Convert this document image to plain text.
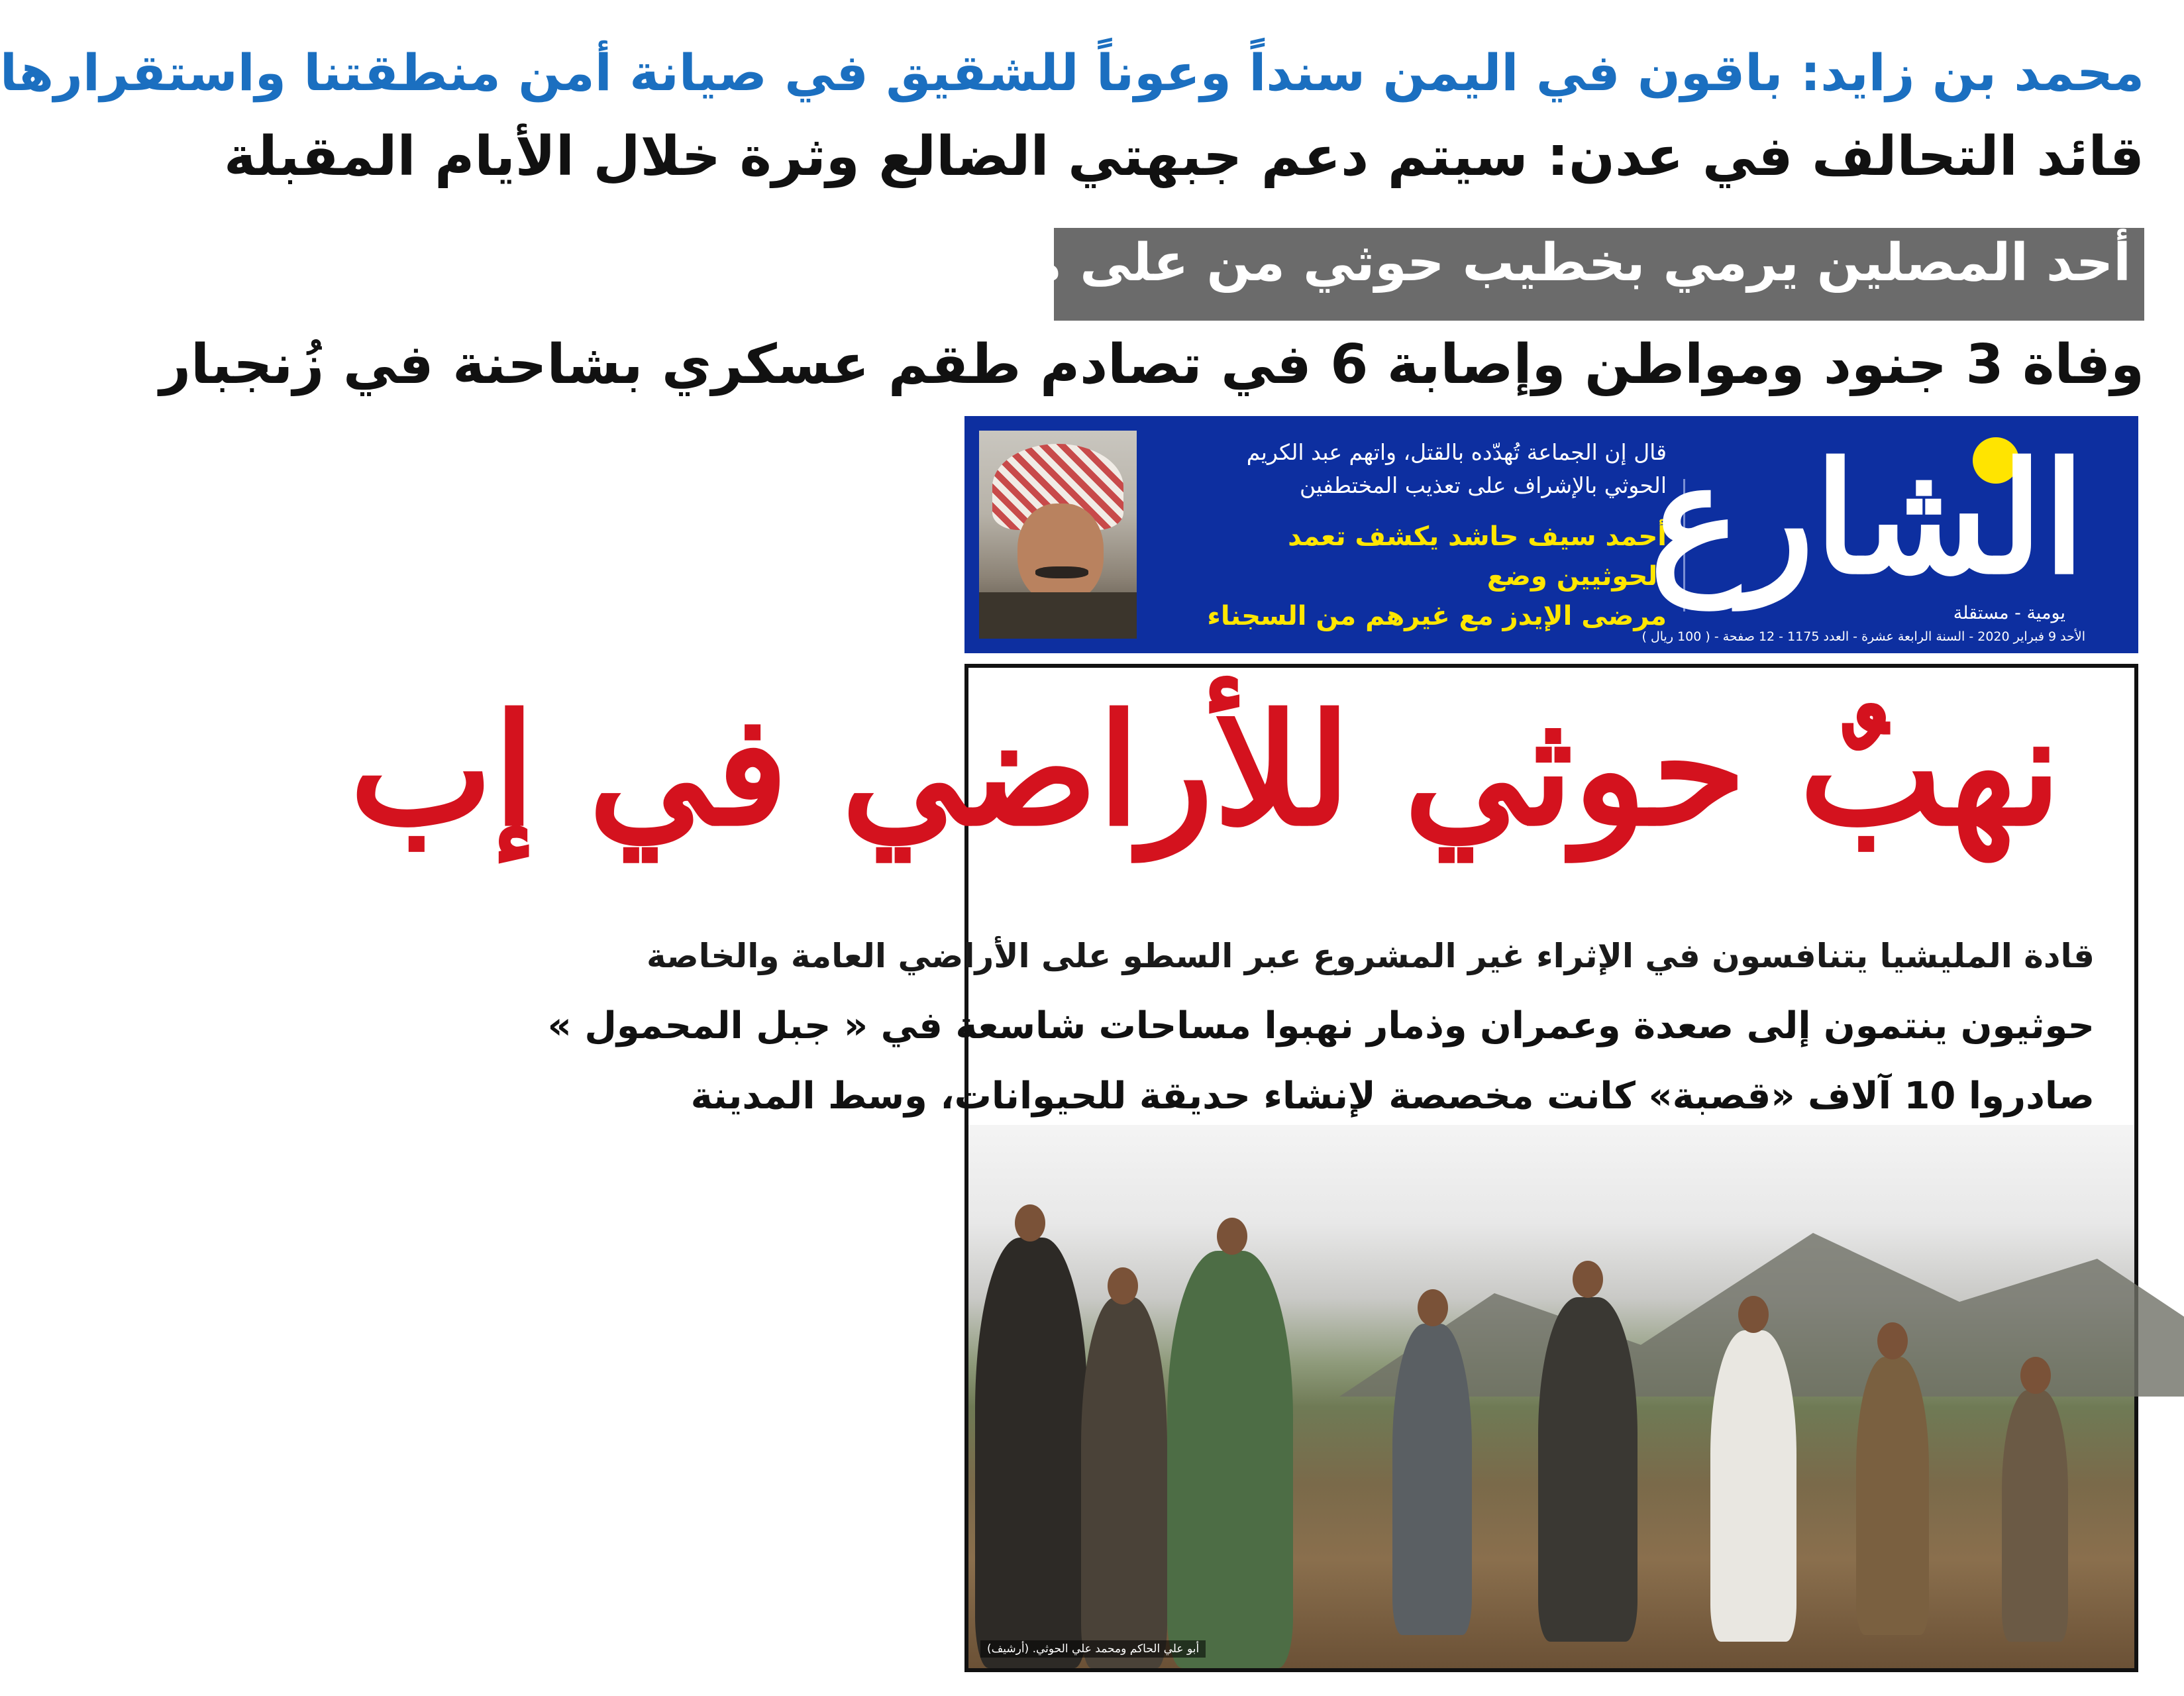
محمد بن زايد: باقون في اليمن سنداً وعوناً للشقيق في صيانة أمن منطقتنا واستقرارها
قائد التحالف في عدن: سيتم دعم جبهتي الضالع وثرة خلال الأيام المقبلة
أحد المصلين يرمي بخطيب حوثي من على منبر مسجد في «جُبن»
وفاة 3 جنود ومواطن وإصابة 6 في تصادم طقم عسكري بشاحنة في زُنجبار
قال إن الجماعة تُهدّده بالقتل، واتهم عبد الكريم
الحوثي بالإشراف على تعذيب المختطفين
أحمد سيف حاشد يكشف تعمد الحوثيين وضع
مرضى الإيدز مع غيرهم من السجناء
الشارع
يومية - مستقلة
الأحد 9 فبراير 2020 - السنة الرابعة عشرة - العدد 1175 - 12 صفحة - ( 100 ريال )
نهبٌ حوثي للأراضي في إب
قادة المليشيا يتنافسون في الإثراء غير المشروع عبر السطو على الأراضي العامة والخاصة
حوثيون ينتمون إلى صعدة وعمران وذمار نهبوا مساحات شاسعة في « جبل المحمول »
صادروا 10 آلاف «قصبة» كانت مخصصة لإنشاء حديقة للحيوانات، وسط المدينة
أبو علي الحاكم ومحمد علي الحوثي. (أرشيف)
